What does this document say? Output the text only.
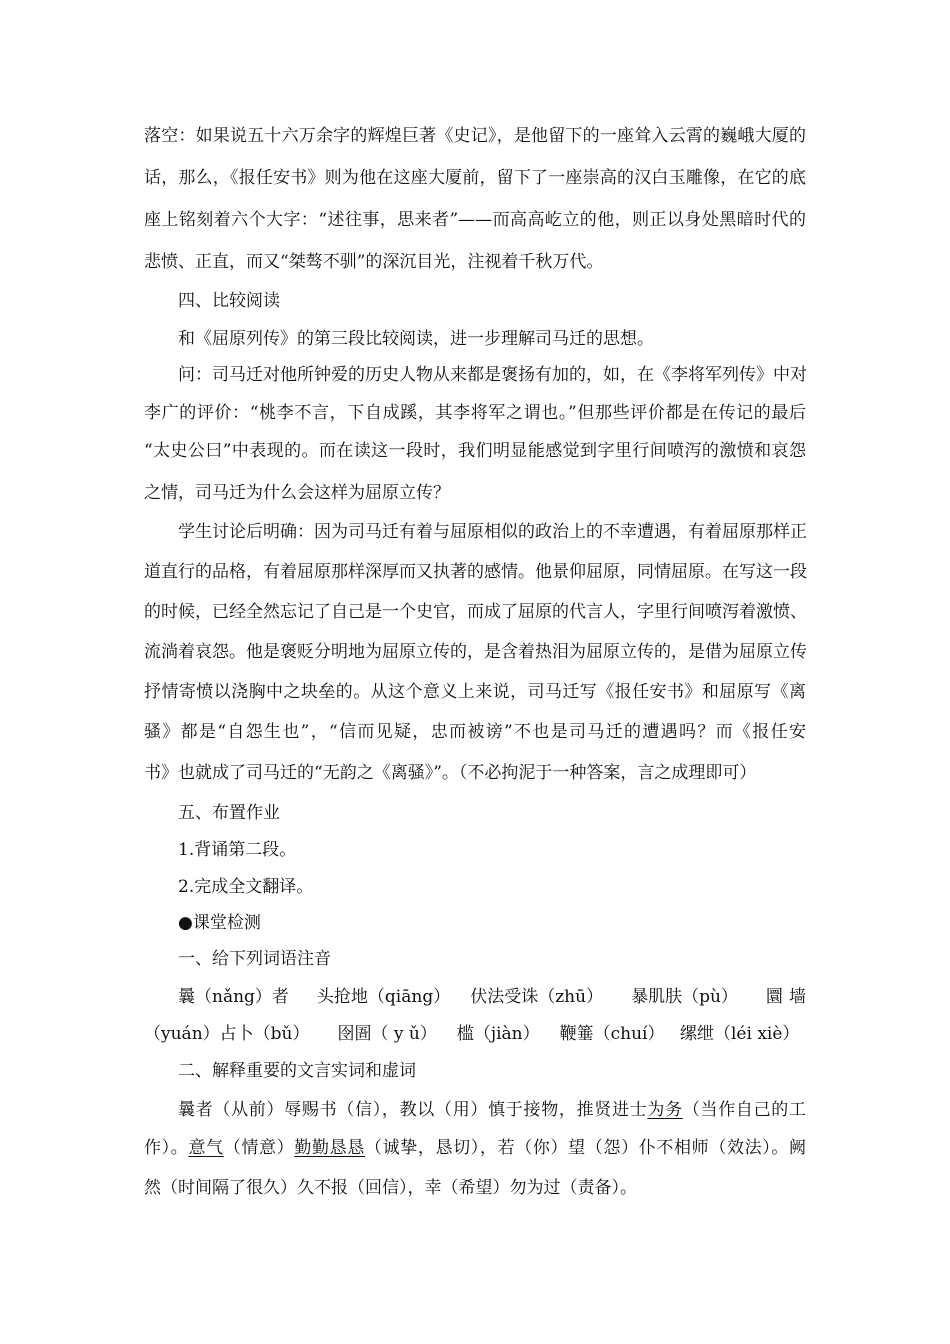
落空：如果说五十六万余字的辉煌巨著《史记》，是他留下的一座耸入云霄的巍峨大厦的
话，那么，《报任安书》则为他在这座大厦前，留下了一座崇高的汉白玉雕像，在它的底
座上铭刻着六个大字：“述往事，思来者”——而高高屹立的他，则正以身处黑暗时代的
悲愤、正直，而又“桀骜不驯”的深沉目光，注视着千秋万代。
四、比较阅读
和《屈原列传》的第三段比较阅读，进一步理解司马迁的思想。
问：司马迁对他所钟爱的历史人物从来都是褒扬有加的，如，在《李将军列传》中对
李广的评价：“桃李不言，下自成蹊，其李将军之谓也。”但那些评价都是在传记的最后
“太史公曰”中表现的。而在读这一段时，我们明显能感觉到字里行间喷泻的激愤和哀怨
之情，司马迁为什么会这样为屈原立传？
学生讨论后明确：因为司马迁有着与屈原相似的政治上的不幸遭遇，有着屈原那样正
道直行的品格，有着屈原那样深厚而又执著的感情。他景仰屈原，同情屈原。在写这一段
的时候，已经全然忘记了自己是一个史官，而成了屈原的代言人，字里行间喷泻着激愤、
流淌着哀怨。他是褒贬分明地为屈原立传的，是含着热泪为屈原立传的，是借为屈原立传
抒情寄愤以浇胸中之块垒的。从这个意义上来说，司马迁写《报任安书》和屈原写《离
骚》都是“自怨生也”，“信而见疑，忠而被谤”不也是司马迁的遭遇吗？而《报任安
书》也就成了司马迁的“无韵之《离骚》”。（不必拘泥于一种答案，言之成理即可）
五、布置作业
1.背诵第二段。
2.完成全文翻译。
●课堂检测
一、给下列词语注音
曩（nǎng）者 头抢地（qiāng） 伏法受诛（zhū） 暴肌肤（pù） 圜 墙
（yuán）占卜（bǔ） 囹圄（ y ǔ） 槛（jiàn） 鞭箠（chuí） 缧绁（léi xiè）
二、解释重要的文言实词和虚词
曩者（从前）辱赐书（信），教以（用）慎于接物，推贤进士为务（当作自己的工
作）。意气（情意）勤勤恳恳（诚挚，恳切），若（你）望（怨）仆不相师（效法）。阙
然（时间隔了很久）久不报（回信），幸（希望）勿为过（责备）。
